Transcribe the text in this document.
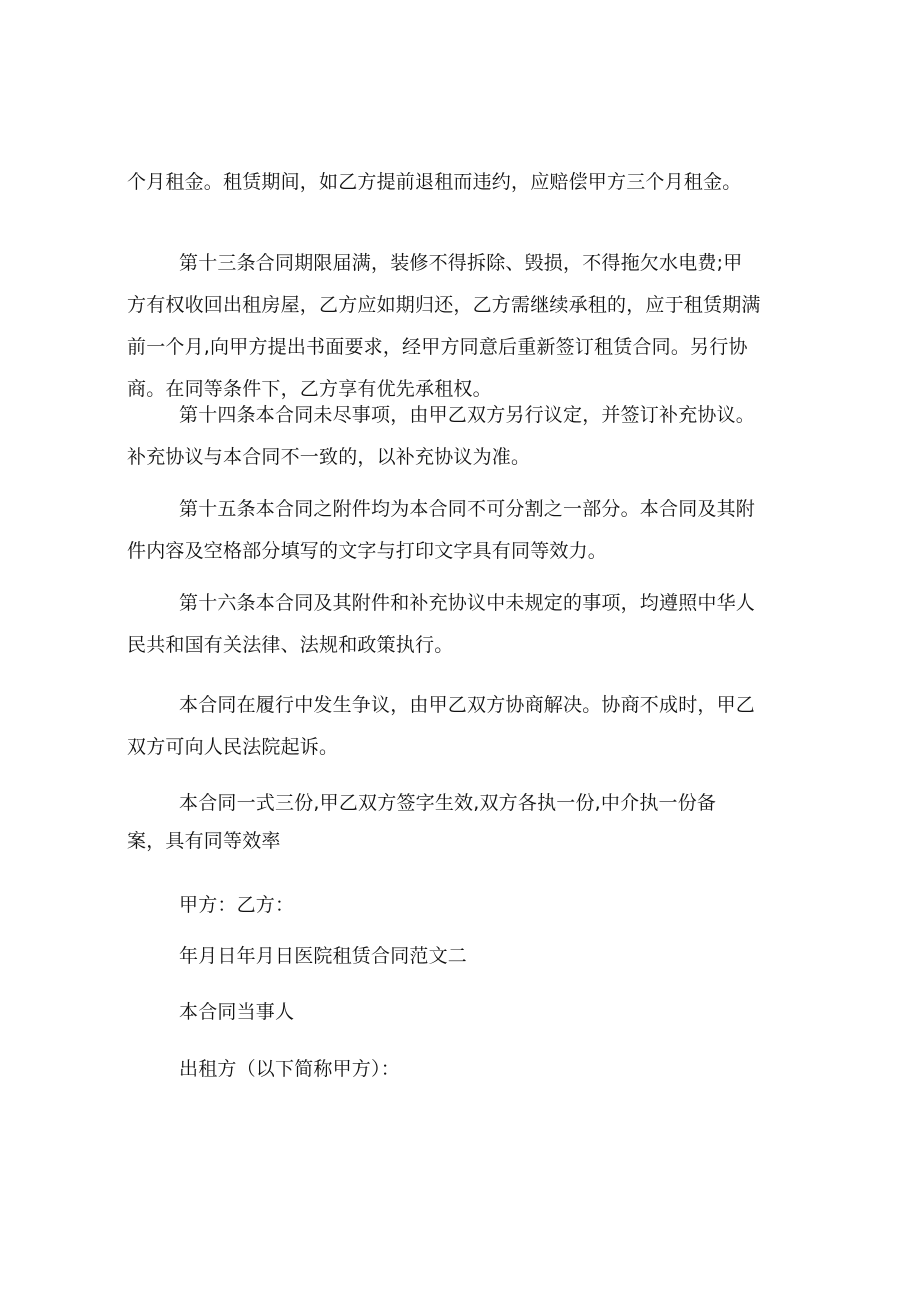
个月租金。租赁期间，如乙方提前退租而违约，应赔偿甲方三个月租金。
第十三条合同期限届满，装修不得拆除、毁损，不得拖欠水电费;甲
方有权收回出租房屋，乙方应如期归还，乙方需继续承租的，应于租赁期满
前一个月,向甲方提出书面要求，经甲方同意后重新签订租赁合同。另行协
商。在同等条件下，乙方享有优先承租权。
第十四条本合同未尽事项，由甲乙双方另行议定，并签订补充协议。
补充协议与本合同不一致的，以补充协议为准。
第十五条本合同之附件均为本合同不可分割之一部分。本合同及其附
件内容及空格部分填写的文字与打印文字具有同等效力。
第十六条本合同及其附件和补充协议中未规定的事项，均遵照中华人
民共和国有关法律、法规和政策执行。
本合同在履行中发生争议，由甲乙双方协商解决。协商不成时，甲乙
双方可向人民法院起诉。
本合同一式三份,甲乙双方签字生效,双方各执一份,中介执一份备
案，具有同等效率
甲方：乙方：
年月日年月日医院租赁合同范文二
本合同当事人
出租方（以下简称甲方）：
